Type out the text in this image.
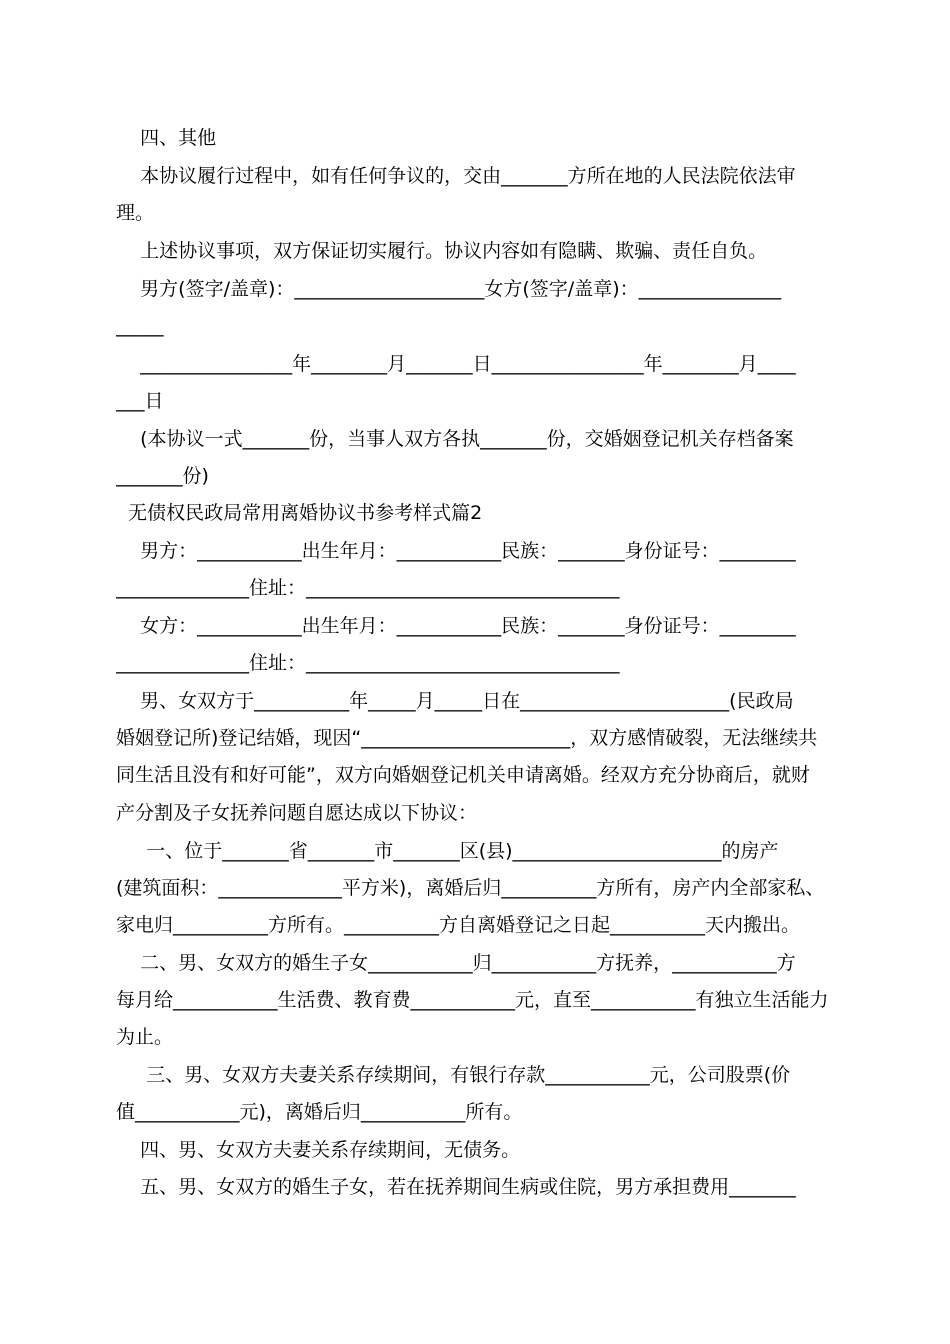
四、其他
本协议履行过程中，如有任何争议的，交由_______方所在地的人民法院依法审
理。
上述协议事项，双方保证切实履行。协议内容如有隐瞒、欺骗、责任自负。
男方(签字/盖章)：____________________女方(签字/盖章)：_______________
_____
________________年________月_______日________________年________月____
___日
(本协议一式_______份，当事人双方各执_______份，交婚姻登记机关存档备案
_______份)
无债权民政局常用离婚协议书参考样式篇2
男方：___________出生年月：___________民族：_______身份证号：________
______________住址：_________________________________
女方：___________出生年月：___________民族：_______身份证号：________
______________住址：_________________________________
男、女双方于__________年_____月_____日在______________________(民政局
婚姻登记所)登记结婚，现因“______________________，双方感情破裂，无法继续共
同生活且没有和好可能”，双方向婚姻登记机关申请离婚。经双方充分协商后，就财
产分割及子女抚养问题自愿达成以下协议：
一、位于_______省_______市_______区(县)______________________的房产
(建筑面积：_____________平方米)，离婚后归__________方所有，房产内全部家私、
家电归__________方所有。__________方自离婚登记之日起__________天内搬出。
二、男、女双方的婚生子女___________归___________方抚养，___________方
每月给___________生活费、教育费___________元，直至___________有独立生活能力
为止。
三、男、女双方夫妻关系存续期间，有银行存款___________元，公司股票(价
值___________元)，离婚后归___________所有。
四、男、女双方夫妻关系存续期间，无债务。
五、男、女双方的婚生子女，若在抚养期间生病或住院，男方承担费用_______
